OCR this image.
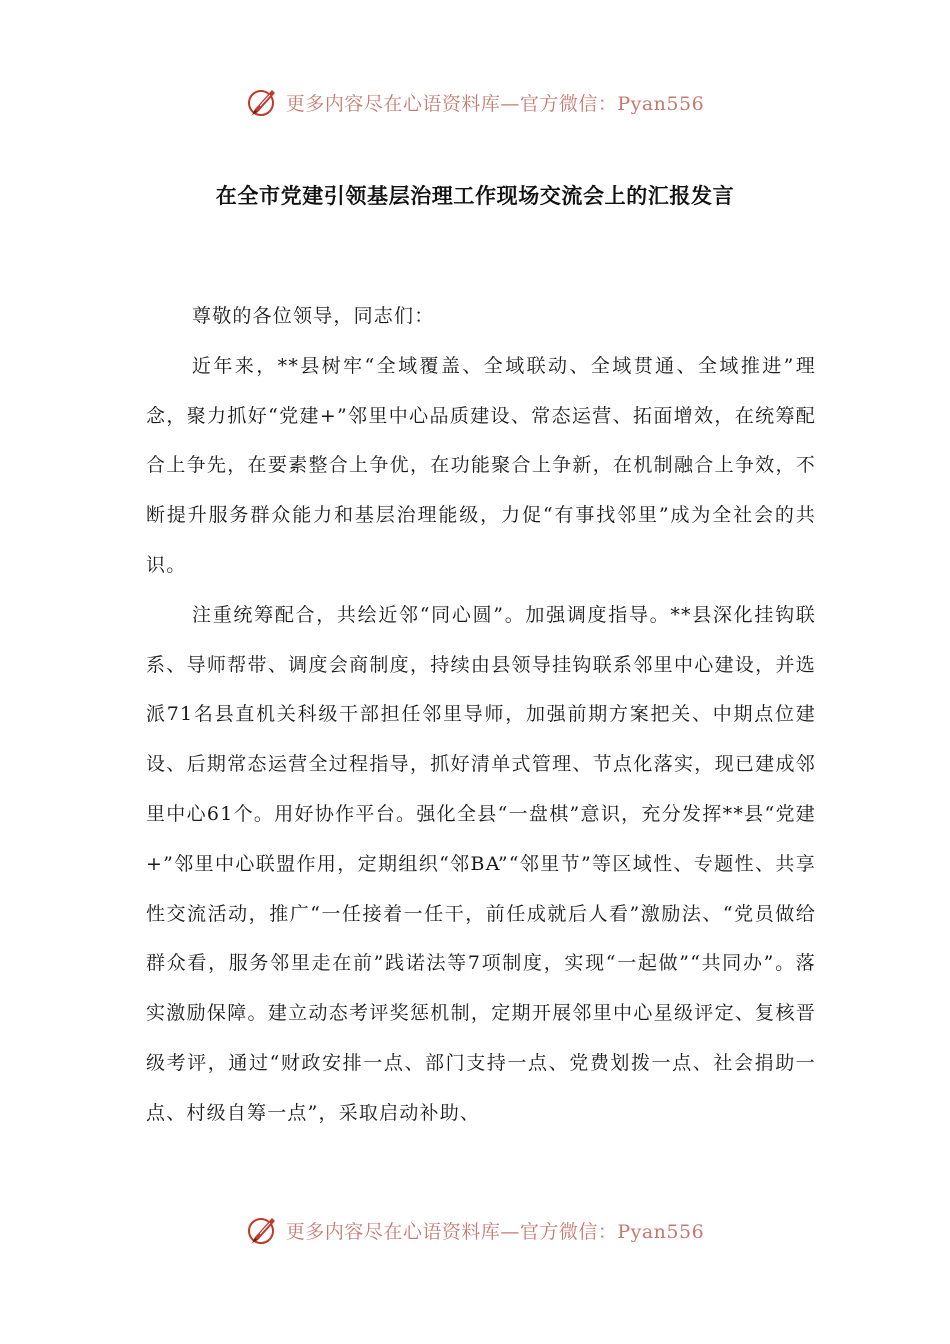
更多内容尽在心语资料库—官方微信：Pyan556
在全市党建引领基层治理工作现场交流会上的汇报发言

尊敬的各位领导，同志们：

近年来，**县树牢“全域覆盖、全域联动、全域贯通、全域推进”理念，聚力抓好“党建+”邻里中心品质建设、常态运营、拓面增效，在统筹配合上争先，在要素整合上争优，在功能聚合上争新，在机制融合上争效，不断提升服务群众能力和基层治理能级，力促“有事找邻里”成为全社会的共识。

注重统筹配合，共绘近邻“同心圆”。加强调度指导。**县深化挂钩联系、导师帮带、调度会商制度，持续由县领导挂钩联系邻里中心建设，并选派71名县直机关科级干部担任邻里导师，加强前期方案把关、中期点位建设、后期常态运营全过程指导，抓好清单式管理、节点化落实，现已建成邻里中心61个。用好协作平台。强化全县“一盘棋”意识，充分发挥**县“党建+”邻里中心联盟作用，定期组织“邻BA”“邻里节”等区域性、专题性、共享性交流活动，推广“一任接着一任干，前任成就后人看”激励法、“党员做给群众看，服务邻里走在前”践诺法等7项制度，实现“一起做”“共同办”。落实激励保障。建立动态考评奖惩机制，定期开展邻里中心星级评定、复核晋级考评，通过“财政安排一点、部门支持一点、党费划拨一点、社会捐助一点、村级自筹一点”，采取启动补助、

更多内容尽在心语资料库—官方微信：Pyan556
